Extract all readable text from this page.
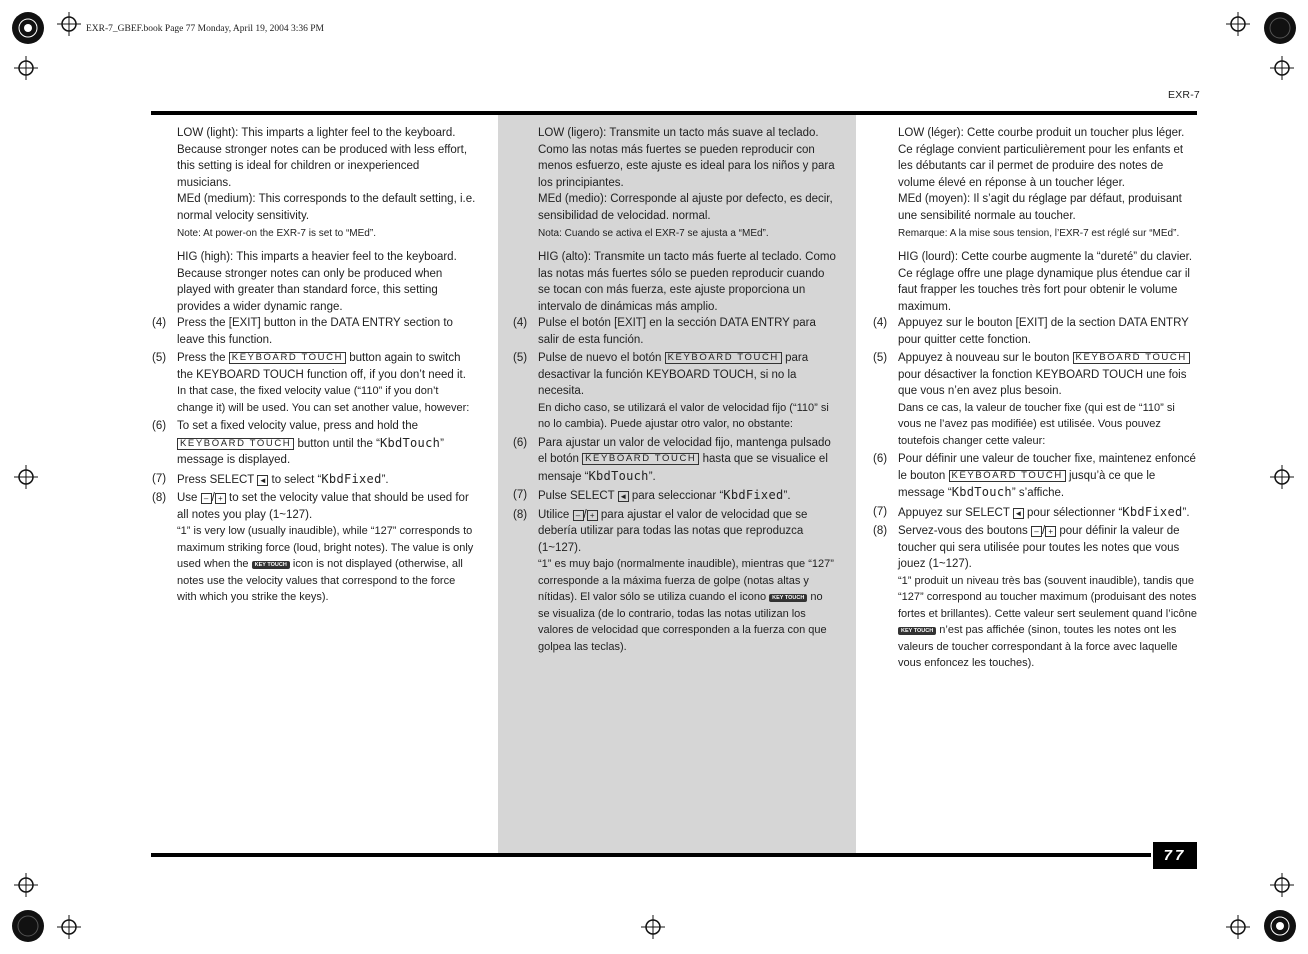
EXR-7_GBEF.book Page 77 Monday, April 19, 2004 3:36 PM
EXR-7
77

LOW (light): This imparts a lighter feel to the keyboard. Because stronger notes can be produced with less effort, this setting is ideal for children or inexperienced musicians.

MEd (medium): This corresponds to the default setting, i.e. normal velocity sensitivity.

Note: At power-on the EXR-7 is set to “MEd”.

HIG (high): This imparts a heavier feel to the keyboard. Because stronger notes can only be produced when played with greater than standard force, this setting provides a wider dynamic range.

(4) Press the [EXIT] button in the DATA ENTRY section to leave this function.
(5) Press the KEYBOARD TOUCH button again to switch the KEYBOARD TOUCH function off, if you don’t need it.

In that case, the fixed velocity value (“110” if you don’t change it) will be used. You can set another value, however:

(6) To set a fixed velocity value, press and hold the KEYBOARD TOUCH button until the “KbdTouch” message is displayed.
(7) Press SELECT ◄ to select “KbdFixed”.
(8) Use – / + to set the velocity value that should be used for all notes you play (1~127).

“1” is very low (usually inaudible), while “127” corresponds to maximum striking force (loud, bright notes). The value is only used when the KEY TOUCH icon is not displayed (otherwise, all notes use the velocity values that correspond to the force with which you strike the keys).

LOW (ligero): Transmite un tacto más suave al teclado. Como las notas más fuertes se pueden reproducir con menos esfuerzo, este ajuste es ideal para los niños y para los principiantes.

MEd (medio): Corresponde al ajuste por defecto, es decir, sensibilidad de velocidad. normal.

Nota: Cuando se activa el EXR-7 se ajusta a “MEd”.

HIG (alto): Transmite un tacto más fuerte al teclado. Como las notas más fuertes sólo se pueden reproducir cuando se tocan con más fuerza, este ajuste proporciona un intervalo de dinámicas más amplio.

(4) Pulse el botón [EXIT] en la sección DATA ENTRY para salir de esta función.
(5) Pulse de nuevo el botón KEYBOARD TOUCH para desactivar la función KEYBOARD TOUCH, si no la necesita.

En dicho caso, se utilizará el valor de velocidad fijo (“110” si no lo cambia). Puede ajustar otro valor, no obstante:

(6) Para ajustar un valor de velocidad fijo, mantenga pulsado el botón KEYBOARD TOUCH hasta que se visualice el mensaje “KbdTouch”.
(7) Pulse SELECT ◄ para seleccionar “KbdFixed”.
(8) Utilice – / + para ajustar el valor de velocidad que se debería utilizar para todas las notas que reproduzca (1~127).

“1” es muy bajo (normalmente inaudible), mientras que “127” corresponde a la máxima fuerza de golpe (notas altas y nítidas). El valor sólo se utiliza cuando el icono KEY TOUCH no se visualiza (de lo contrario, todas las notas utilizan los valores de velocidad que corresponden a la fuerza con que golpea las teclas).

LOW (léger): Cette courbe produit un toucher plus léger. Ce réglage convient particulièrement pour les enfants et les débutants car il permet de produire des notes de volume élevé en réponse à un toucher léger.

MEd (moyen): Il s’agit du réglage par défaut, produisant une sensibilité normale au toucher.

Remarque: A la mise sous tension, l’EXR-7 est réglé sur “MEd”.

HIG (lourd): Cette courbe augmente la “dureté” du clavier. Ce réglage offre une plage dynamique plus étendue car il faut frapper les touches très fort pour obtenir le volume maximum.

(4) Appuyez sur le bouton [EXIT] de la section DATA ENTRY pour quitter cette fonction.
(5) Appuyez à nouveau sur le bouton KEYBOARD TOUCH pour désactiver la fonction KEYBOARD TOUCH une fois que vous n’en avez plus besoin.

Dans ce cas, la valeur de toucher fixe (qui est de “110” si vous ne l’avez pas modifiée) est utilisée. Vous pouvez toutefois changer cette valeur:

(6) Pour définir une valeur de toucher fixe, maintenez enfoncé le bouton KEYBOARD TOUCH jusqu’à ce que le message “KbdTouch” s’affiche.
(7) Appuyez sur SELECT ◄ pour sélectionner “KbdFixed”.
(8) Servez-vous des boutons – / + pour définir la valeur de toucher qui sera utilisée pour toutes les notes que vous jouez (1~127).

“1” produit un niveau très bas (souvent inaudible), tandis que “127” correspond au toucher maximum (produisant des notes fortes et brillantes). Cette valeur sert seulement quand l’icône KEY TOUCH n’est pas affichée (sinon, toutes les notes ont les valeurs de toucher correspondant à la force avec laquelle vous enfoncez les touches).
